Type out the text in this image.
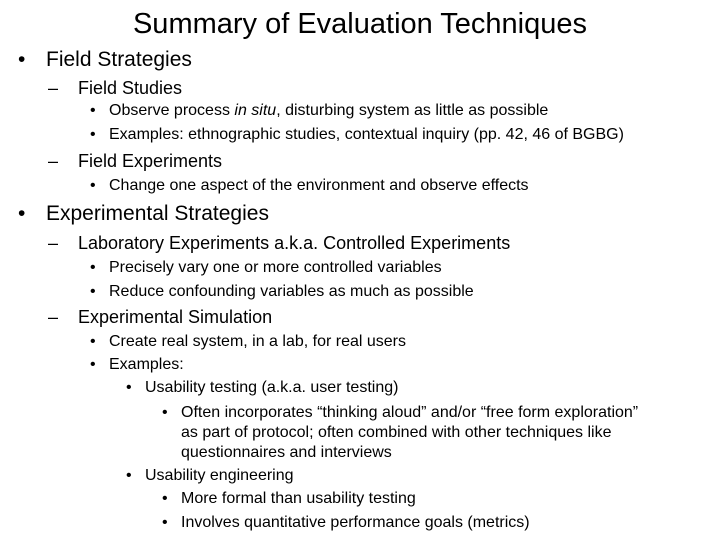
Summary of Evaluation Techniques
• Field Strategies
– Field Studies
• Observe process in situ, disturbing system as little as possible
• Examples: ethnographic studies, contextual inquiry (pp. 42, 46 of BGBG)
– Field Experiments
• Change one aspect of the environment and observe effects
• Experimental Strategies
– Laboratory Experiments a.k.a. Controlled Experiments
• Precisely vary one or more controlled variables
• Reduce confounding variables as much as possible
– Experimental Simulation
• Create real system, in a lab, for real users
• Examples:
• Usability testing (a.k.a. user testing)
• Often incorporates “thinking aloud” and/or “free form exploration”
as part of protocol; often combined with other techniques like
questionnaires and interviews
• Usability engineering
• More formal than usability testing
• Involves quantitative performance goals (metrics)
